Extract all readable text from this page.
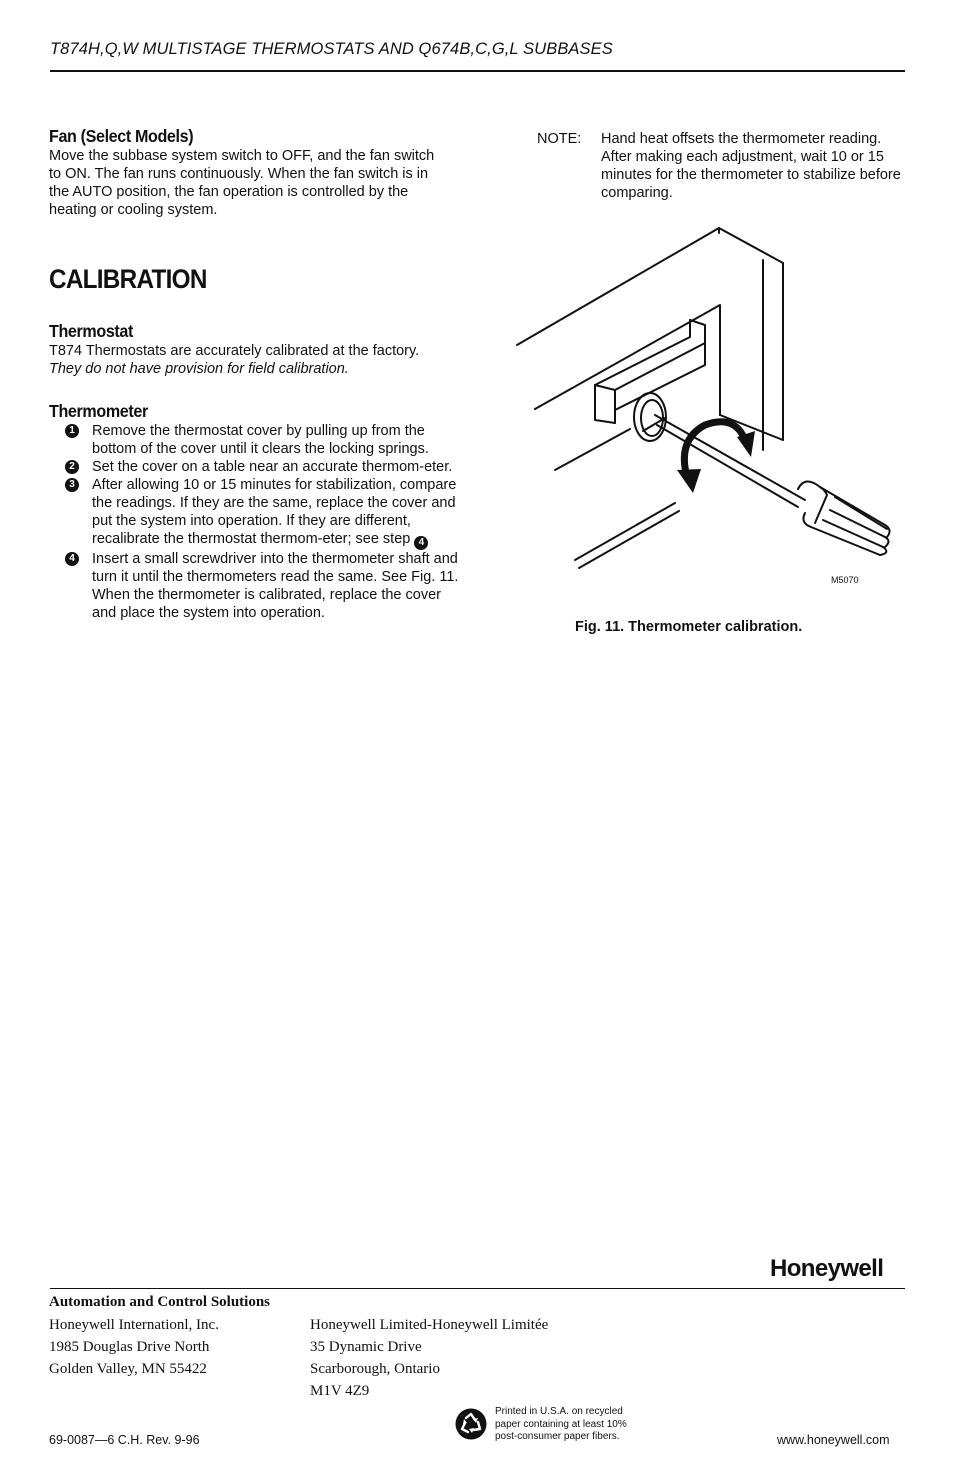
T874H,Q,W MULTISTAGE THERMOSTATS AND Q674B,C,G,L SUBBASES
Fan (Select Models)

Move the subbase system switch to OFF, and the fan switch to ON. The fan runs continuously. When the fan switch is in the AUTO position, the fan operation is controlled by the heating or cooling system.

CALIBRATION
Thermostat

T874 Thermostats are accurately calibrated at the factory.
They do not have provision for field calibration.

Thermometer
1 Remove the thermostat cover by pulling up from the bottom of the cover until it clears the locking springs.
2 Set the cover on a table near an accurate thermom-eter.
3 After allowing 10 or 15 minutes for stabilization, compare the readings. If they are the same, replace the cover and put the system into operation. If they are different, recalibrate the thermostat thermom-eter; see step 4
4 Insert a small screwdriver into the thermometer shaft and turn it until the thermometers read the same. See Fig. 11. When the thermometer is calibrated, replace the cover and place the system into operation.
NOTE: Hand heat offsets the thermometer reading. After making each adjustment, wait 10 or 15 minutes for the thermometer to stabilize before comparing.
M5070
Fig. 11. Thermometer calibration.
Honeywell
Automation and Control Solutions
Honeywell Internationl, Inc.
1985 Douglas Drive North
Golden Valley, MN 55422
Honeywell Limited-Honeywell Limitée
35 Dynamic Drive
Scarborough, Ontario
M1V 4Z9
69-0087—6 C.H. Rev. 9-96
Printed in U.S.A. on recycled
paper containing at least 10%
post-consumer paper fibers.	www.honeywell.com
